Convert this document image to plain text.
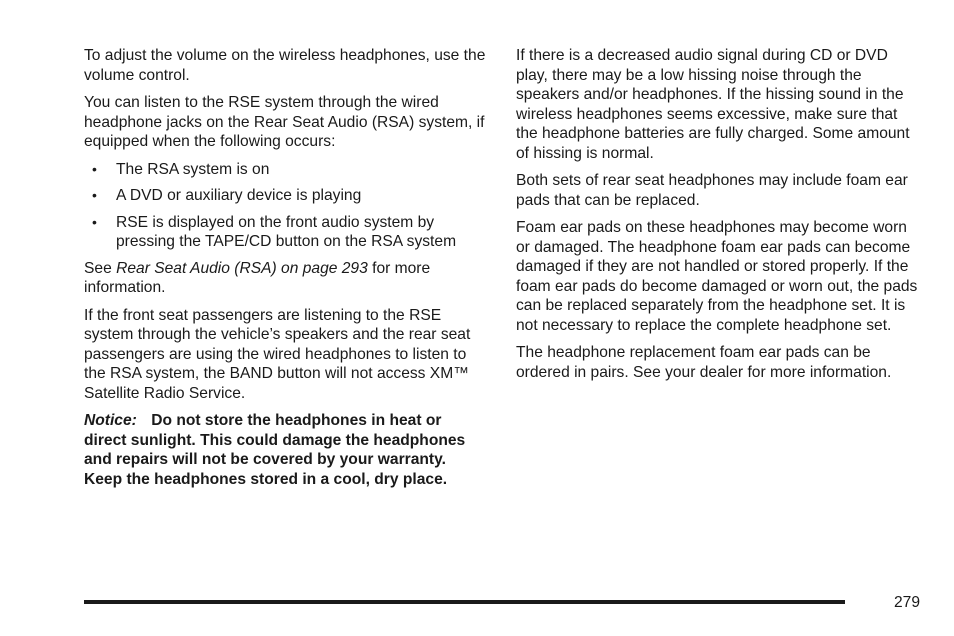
To adjust the volume on the wireless headphones, use the volume control.

You can listen to the RSE system through the wired headphone jacks on the Rear Seat Audio (RSA) system, if equipped when the following occurs:

• The RSA system is on
• A DVD or auxiliary device is playing
• RSE is displayed on the front audio system by pressing the TAPE/CD button on the RSA system

See Rear Seat Audio (RSA) on page 293 for more information.

If the front seat passengers are listening to the RSE system through the vehicle’s speakers and the rear seat passengers are using the wired headphones to listen to the RSA system, the BAND button will not access XM™ Satellite Radio Service.

Notice: Do not store the headphones in heat or direct sunlight. This could damage the headphones and repairs will not be covered by your warranty. Keep the headphones stored in a cool, dry place.

If there is a decreased audio signal during CD or DVD play, there may be a low hissing noise through the speakers and/or headphones. If the hissing sound in the wireless headphones seems excessive, make sure that the headphone batteries are fully charged. Some amount of hissing is normal.

Both sets of rear seat headphones may include foam ear pads that can be replaced.

Foam ear pads on these headphones may become worn or damaged. The headphone foam ear pads can become damaged if they are not handled or stored properly. If the foam ear pads do become damaged or worn out, the pads can be replaced separately from the headphone set. It is not necessary to replace the complete headphone set.

The headphone replacement foam ear pads can be ordered in pairs. See your dealer for more information.

279
